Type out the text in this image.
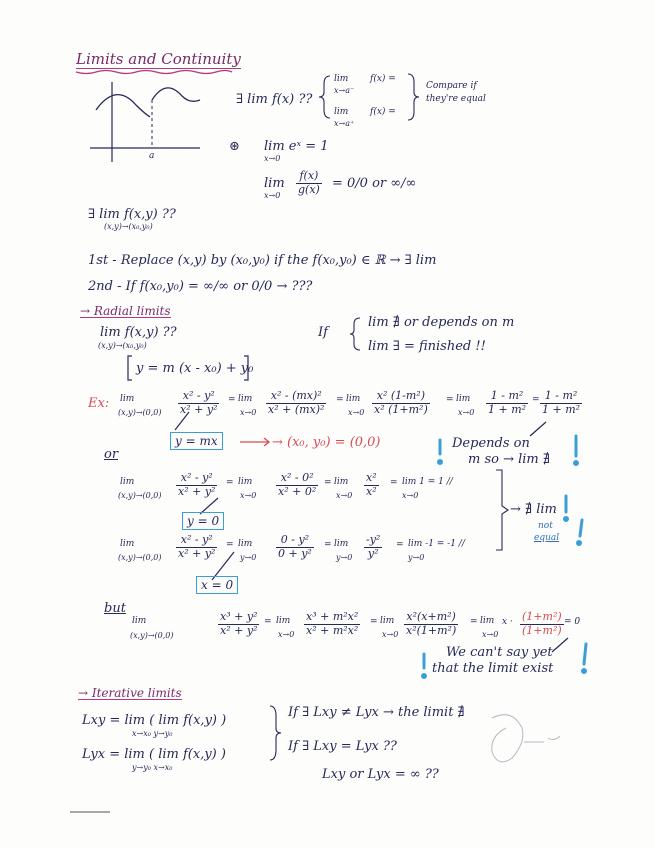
Limits and Continuity
∃ lim f(x) ??
lim
x→a⁻
f(x) =
lim
x→a⁺
f(x) =
Compare if
they're equal
a
⊛ lim eˣ = 1
x→0
lim
$x\to 0 \frac{f(x)}{g(x)} = 0/0$ or ∞/∞
∃ lim f(x,y) ??
(x,y)→(x₀,y₀)
1st - Replace (x,y) by (x₀,y₀) if the f(x₀,y₀) ∈ ℝ → ∃ lim
2nd - If f(x₀,y₀) = ∞/∞ or 0/0 → ???
→ Radial limits
lim f(x,y) ??
(x,y)→(x₀,y₀)
If
lim ∄ or depends on m
lim ∃ = finished !!
y = m (x - x₀) + y₀
Ex: lim
$(x,y)\to(0,0) \frac{\text{x² - y²}}{\text{x² + y²}} = \lim$
$x\to 0 \frac{\text{x² - (mx)²}}{\text{x² + (mx)²}} = \lim$
$x\to 0 \frac{\text{x² (1-m²)}}{\text{x² (1+m²)}} = \lim$
$x\to 0 \frac{\text{1 - m²}}{\text{1 + m²}} = \frac{\text{1 - m²}}{\text{1 + m²}}$
y = mx	→ (x₀, y₀) = (0,0)	Depends on
m so → lim ∄
or
lim
$(x,y)\to(0,0) \frac{\text{x² - y²}}{\text{x² + y²}} = \lim$
$x\to 0 \frac{\text{x² - 0²}}{\text{x² + 0²}} = \lim$
$x\to 0 \frac{\text{x²}}{\text{x²}} = \lim 1 = 1$ //
x→0
y = 0
lim
$(x,y)\to(0,0) \frac{\text{x² - y²}}{\text{x² + y²}} = \lim$
$y\to 0 \frac{\text{0 - y²}}{\text{0 + y²}} = \lim$
$y\to 0 \frac{\text{-y²}}{\text{y²}} = \lim -1 = -1$ //
y→0
x = 0
→ ∄ lim
not
equal
but
lim
(x,y)→(0,0)	$\frac{\text{x³ + y²}}{\text{x² + y²}} = \lim$
$x\to 0 \frac{\text{x³ + m²x²}}{\text{x² + m²x²}} = \lim$
$x\to 0 \frac{\text{x²(x+m²)}}{\text{x²(1+m²)}} = \lim$
x→0
$x \cdot \frac{\text{(1+m²)}}{\text{(1+m²)}} = 0$
We can't say yet
that the limit exist
→ Iterative limits
Lxy = lim ( lim f(x,y) )
x→x₀ y→y₀
Lyx = lim ( lim f(x,y) )
y→y₀ x→x₀
If ∃ Lxy ≠ Lyx → the limit ∄
If ∃ Lxy = Lyx ??
Lxy or Lyx = ∞ ??
